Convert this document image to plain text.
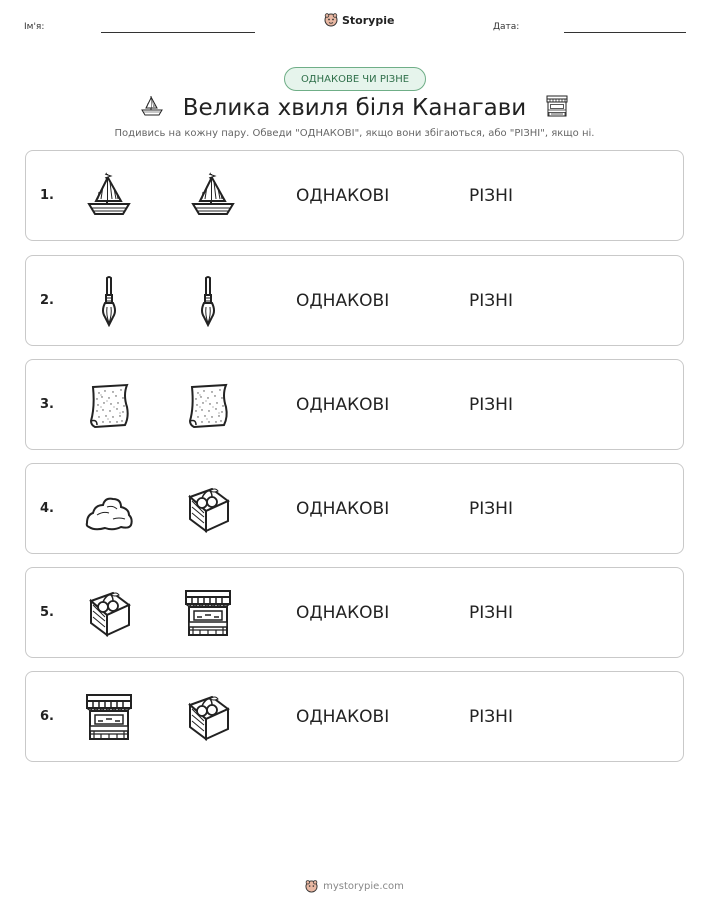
Ім'я:
Storypie
Дата:
ОДНАКОВЕ ЧИ РІЗНЕ
Велика хвиля біля Канагави
Подивись на кожну пару. Обведи "ОДНАКОВІ", якщо вони збігаються, або "РІЗНІ", якщо ні.
1.	ОДНАКОВІ	РІЗНІ
2.	ОДНАКОВІ	РІЗНІ
3.	ОДНАКОВІ	РІЗНІ
4.	ОДНАКОВІ	РІЗНІ
5.	ОДНАКОВІ	РІЗНІ
6.	ОДНАКОВІ	РІЗНІ
mystorypie.com
